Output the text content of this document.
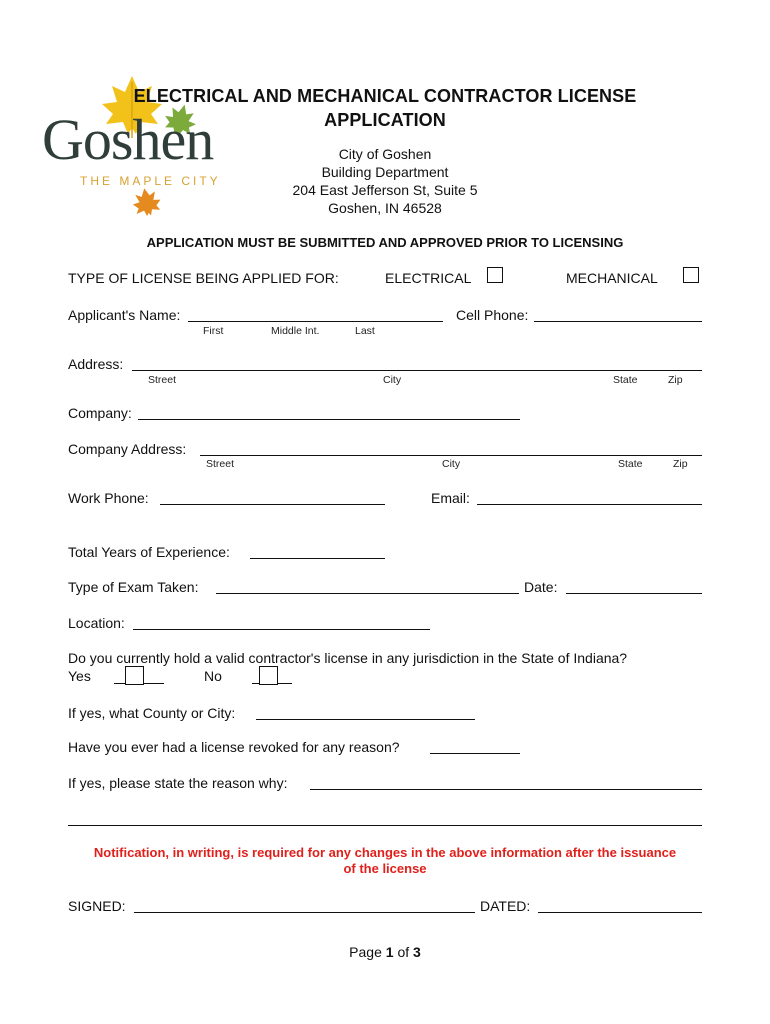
Goshen
THE MAPLE CITY
ELECTRICAL AND MECHANICAL CONTRACTOR LICENSE
APPLICATION
City of Goshen
Building Department
204 East Jefferson St, Suite 5
Goshen, IN 46528
APPLICATION MUST BE SUBMITTED AND APPROVED PRIOR TO LICENSING
TYPE OF LICENSE BEING APPLIED FOR:	ELECTRICAL	MECHANICAL
Applicant's Name:
First	Middle Int.	Last
Cell Phone:
Address:
Street	City	State	Zip
Company:
Company Address:
Street	City	State	Zip
Work Phone:	Email:
Total Years of Experience:
Type of Exam Taken:	Date:
Location:
Do you currently hold a valid contractor's license in any jurisdiction in the State of Indiana?
Yes	No
If yes, what County or City:
Have you ever had a license revoked for any reason?
If yes, please state the reason why:
Notification, in writing, is required for any changes in the above information after the issuance
of the license
SIGNED:	DATED:
Page 1 of 3
